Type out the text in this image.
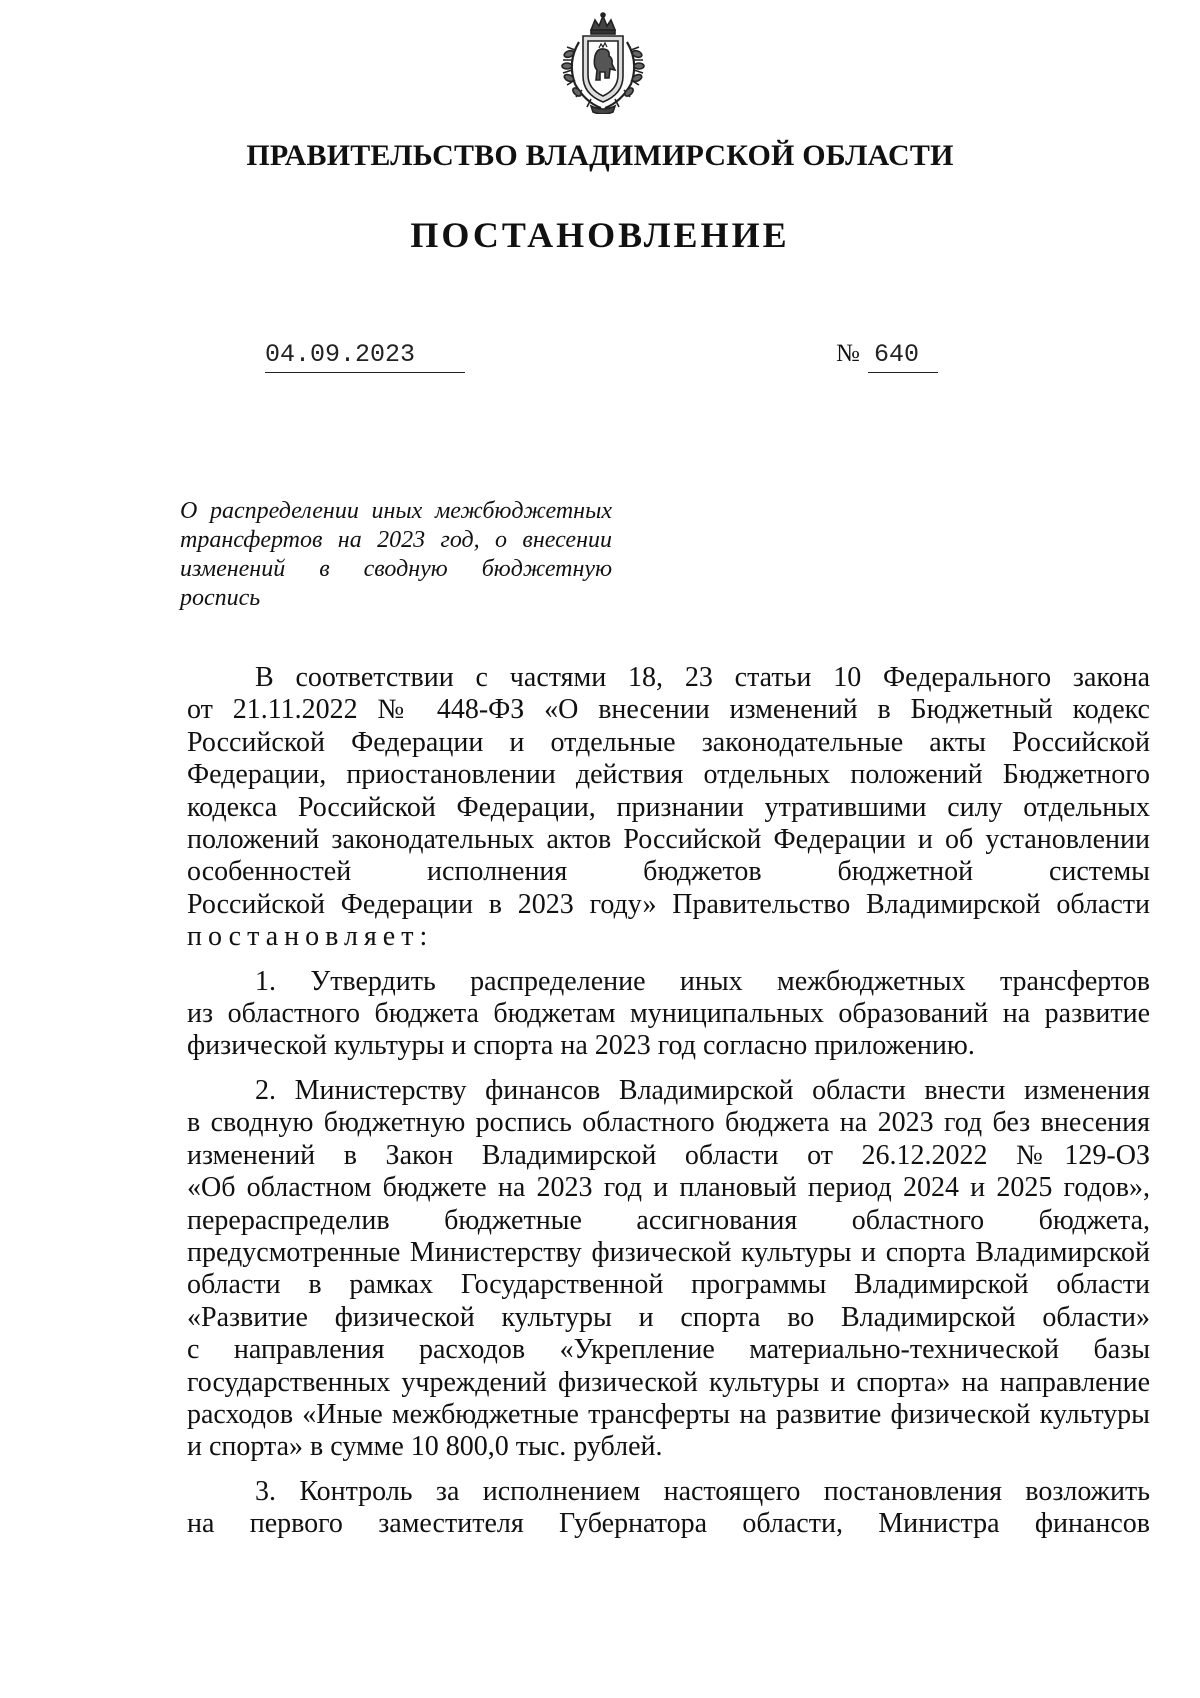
ПРАВИТЕЛЬСТВО ВЛАДИМИРСКОЙ ОБЛАСТИ
ПОСТАНОВЛЕНИЕ
04.09.2023	№ 640
О распределении иных межбюджетных
трансфертов на 2023 год, о внесении
изменений в сводную бюджетную
роспись
В соответствии с частями 18, 23 статьи 10 Федерального закона
от 21.11.2022 № 448-ФЗ «О внесении изменений в Бюджетный кодекс
Российской Федерации и отдельные законодательные акты Российской
Федерации, приостановлении действия отдельных положений Бюджетного
кодекса Российской Федерации, признании утратившими силу отдельных
положений законодательных актов Российской Федерации и об установлении
особенностей исполнения бюджетов бюджетной системы
Российской Федерации в 2023 году» Правительство Владимирской области
постановляет:
1. Утвердить распределение иных межбюджетных трансфертов
из областного бюджета бюджетам муниципальных образований на развитие
физической культуры и спорта на 2023 год согласно приложению.
2. Министерству финансов Владимирской области внести изменения
в сводную бюджетную роспись областного бюджета на 2023 год без внесения
изменений в Закон Владимирской области от 26.12.2022 №129-ОЗ
«Об областном бюджете на 2023 год и плановый период 2024 и 2025 годов»,
перераспределив бюджетные ассигнования областного бюджета,
предусмотренные Министерству физической культуры и спорта Владимирской
области в рамках Государственной программы Владимирской области
«Развитие физической культуры и спорта во Владимирской области»
с направления расходов «Укрепление материально-технической базы
государственных учреждений физической культуры и спорта» на направление
расходов «Иные межбюджетные трансферты на развитие физической культуры
и спорта» в сумме 10 800,0 тыс. рублей.
3. Контроль за исполнением настоящего постановления возложить
на первого заместителя Губернатора области, Министра финансов
